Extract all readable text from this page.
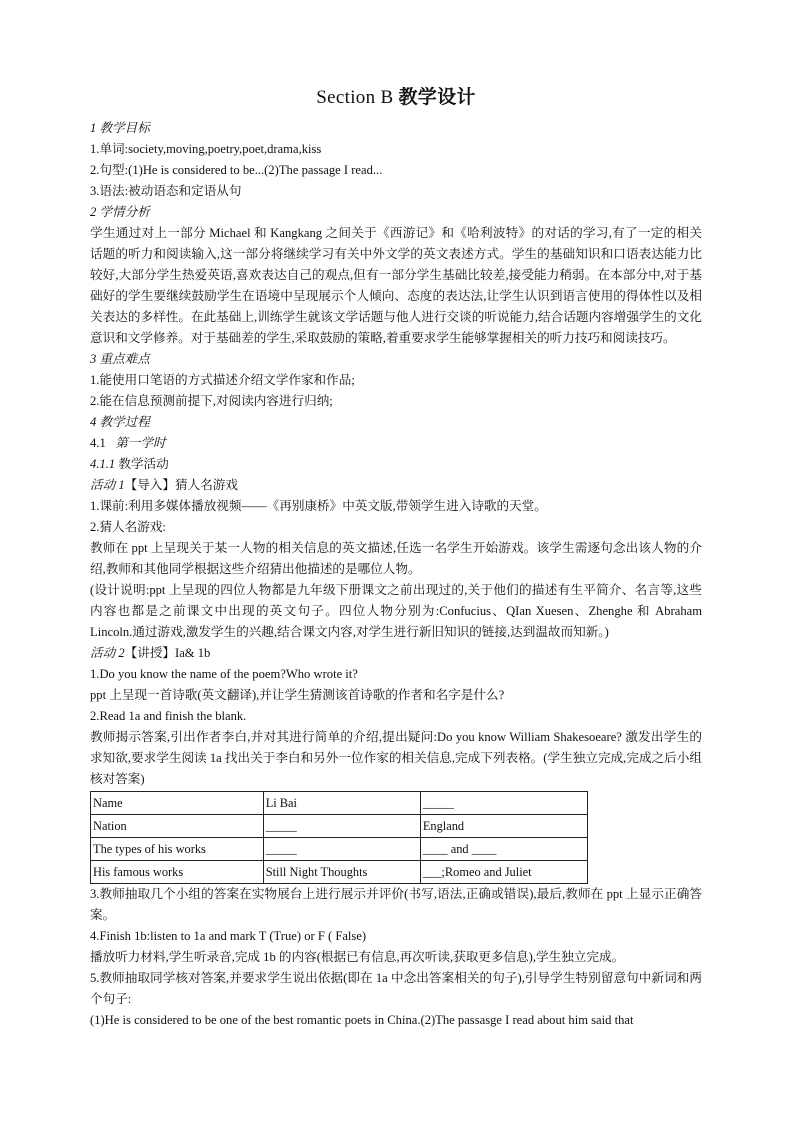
Section B 教学设计

1 教学目标

1.单词:society,moving,poetry,poet,drama,kiss

2.句型:(1)He is considered to be...(2)The passage I read...

3.语法:被动语态和定语从句

2 学情分析

学生通过对上一部分 Michael 和 Kangkang 之间关于《西游记》和《哈利波特》的对话的学习,有了一定的相关话题的听力和阅读输入,这一部分将继续学习有关中外文学的英文表述方式。学生的基础知识和口语表达能力比较好,大部分学生热爱英语,喜欢表达自己的观点,但有一部分学生基础比较差,接受能力稍弱。在本部分中,对于基础好的学生要继续鼓励学生在语境中呈现展示个人倾向、态度的表达法,让学生认识到语言使用的得体性以及相关表达的多样性。在此基础上,训练学生就该文学话题与他人进行交谈的听说能力,结合话题内容增强学生的文化意识和文学修养。对于基础差的学生,采取鼓励的策略,着重要求学生能够掌握相关的听力技巧和阅读技巧。

3 重点难点

1.能使用口笔语的方式描述介绍文学作家和作品;

2.能在信息预测前提下,对阅读内容进行归纳;

4 教学过程

4.1 第一学时

4.1.1 教学活动

活动 1【导入】猜人名游戏

1.课前:利用多媒体播放视频——《再别康桥》中英文版,带领学生进入诗歌的天堂。

2.猜人名游戏:

教师在 ppt 上呈现关于某一人物的相关信息的英文描述,任选一名学生开始游戏。该学生需逐句念出该人物的介绍,教师和其他同学根据这些介绍猜出他描述的是哪位人物。

(设计说明:ppt 上呈现的四位人物都是九年级下册课文之前出现过的,关于他们的描述有生平简介、名言等,这些内容也都是之前课文中出现的英文句子。四位人物分别为:Confucius、QIan Xuesen、Zhenghe 和 Abraham Lincoln.通过游戏,激发学生的兴趣,结合课文内容,对学生进行新旧知识的链接,达到温故而知新。)

活动 2【讲授】Ia& 1b

1.Do you know the name of the poem?Who wrote it?

ppt 上呈现一首诗歌(英文翻译),并让学生猜测该首诗歌的作者和名字是什么?

2.Read 1a and finish the blank.

教师揭示答案,引出作者李白,并对其进行简单的介绍,提出疑问:Do you know William Shakesoeare? 激发出学生的求知欲,要求学生阅读 1a 找出关于李白和另外一位作家的相关信息,完成下列表格。(学生独立完成,完成之后小组核对答案)

Name	Li Bai	_____
Nation	_____	England
The types of his works	_____	____ and ____
His famous works	Still Night Thoughts	___;Romeo and Juliet

3.教师抽取几个小组的答案在实物展台上进行展示并评价(书写,语法,正确或错误),最后,教师在 ppt 上显示正确答案。

4.Finish 1b:listen to 1a and mark T (True) or F ( False)

播放听力材料,学生听录音,完成 1b 的内容(根据已有信息,再次听读,获取更多信息),学生独立完成。

5.教师抽取同学核对答案,并要求学生说出依据(即在 1a 中念出答案相关的句子),引导学生特别留意句中新词和两个句子:

(1)He is considered to be one of the best romantic poets in China.(2)The passasge I read about him said that
